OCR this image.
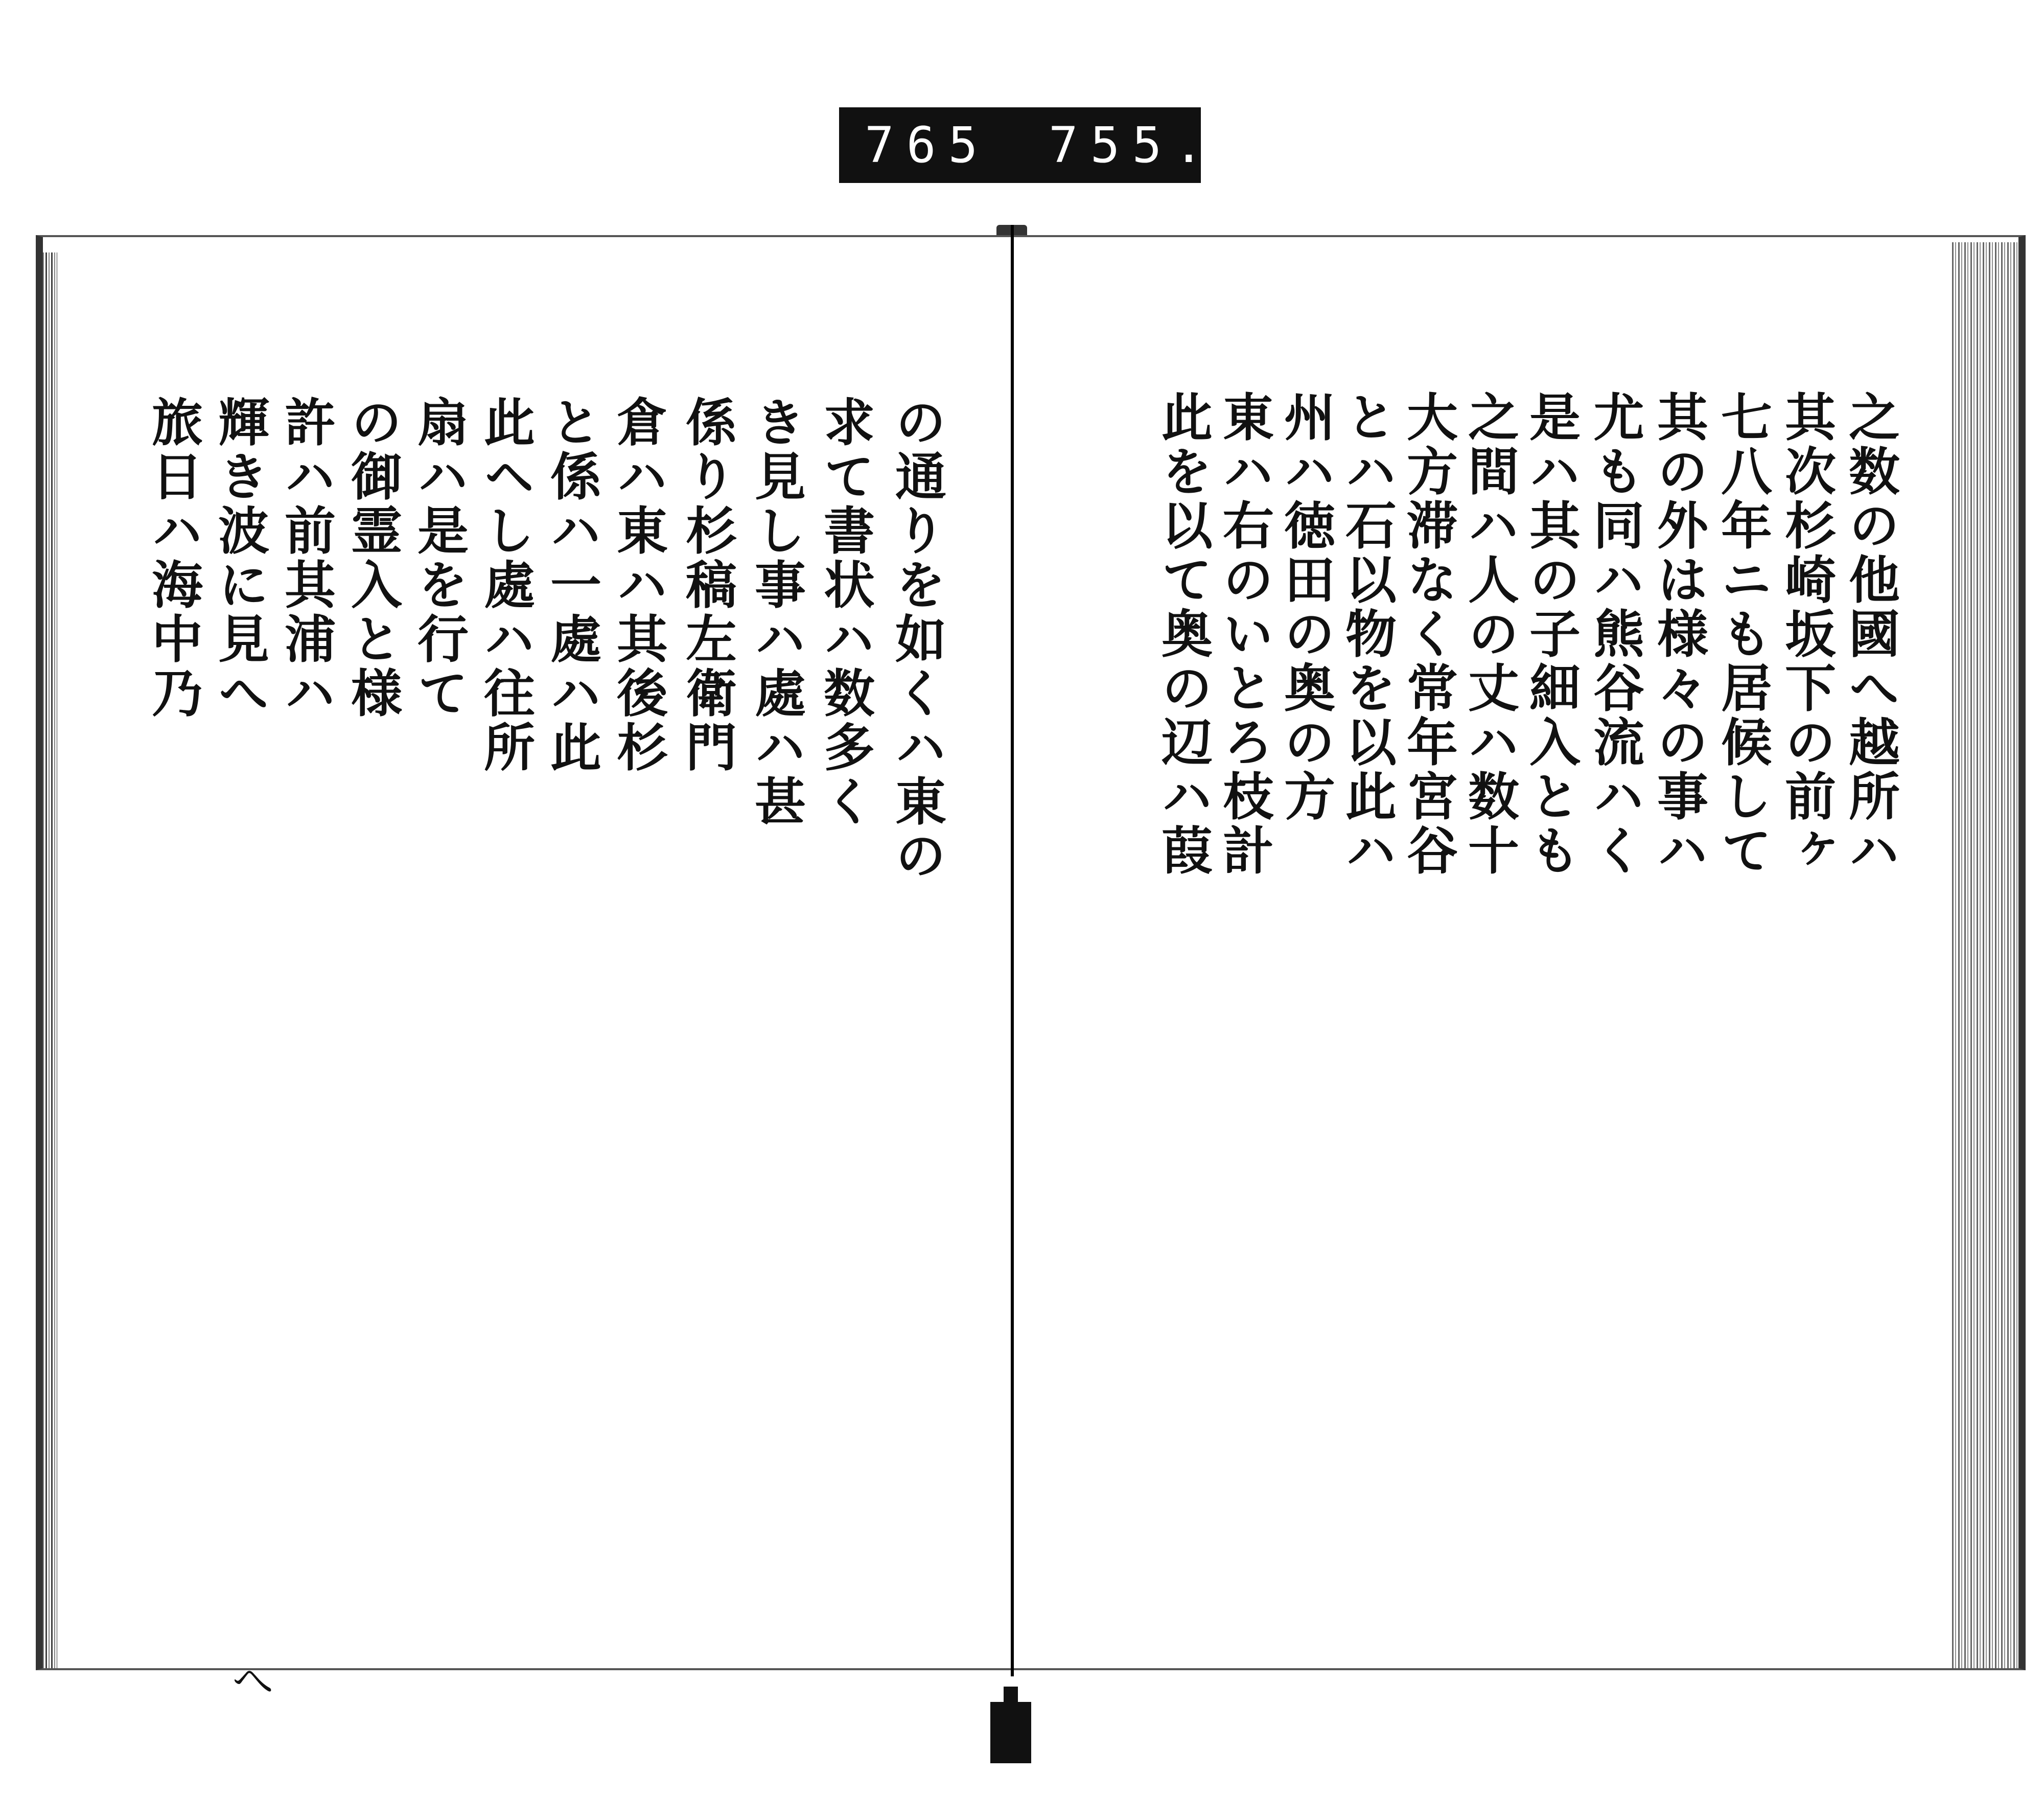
765 755.
の通りを如くハ東の
求て書状ハ数多く
き見し事ハ處ハ甚
係り杉稿左衛門
倉ハ東ハ其後杉
と係ハ一處ハ此
此ヘし處ハ往所
扇ハ是を行て
の御霊入と様
許ハ前其浦ハ
輝き波に見へ
旅日ハ海中乃	之数の他國へ越所ハ
其次杉崎坂下の前ヶ
七八年ニも居候して
其の外は様々の事ハ
尤も同ハ熊谷流ハく
是ハ其の子細入とも
之間ハ人の丈ハ数十
大方滞なく常年宮谷
とハ石以物を以此ハ
州ハ徳田の奥の方
東ハ右のいとろ枝計
此を以て奥の辺ハ葭
へ
